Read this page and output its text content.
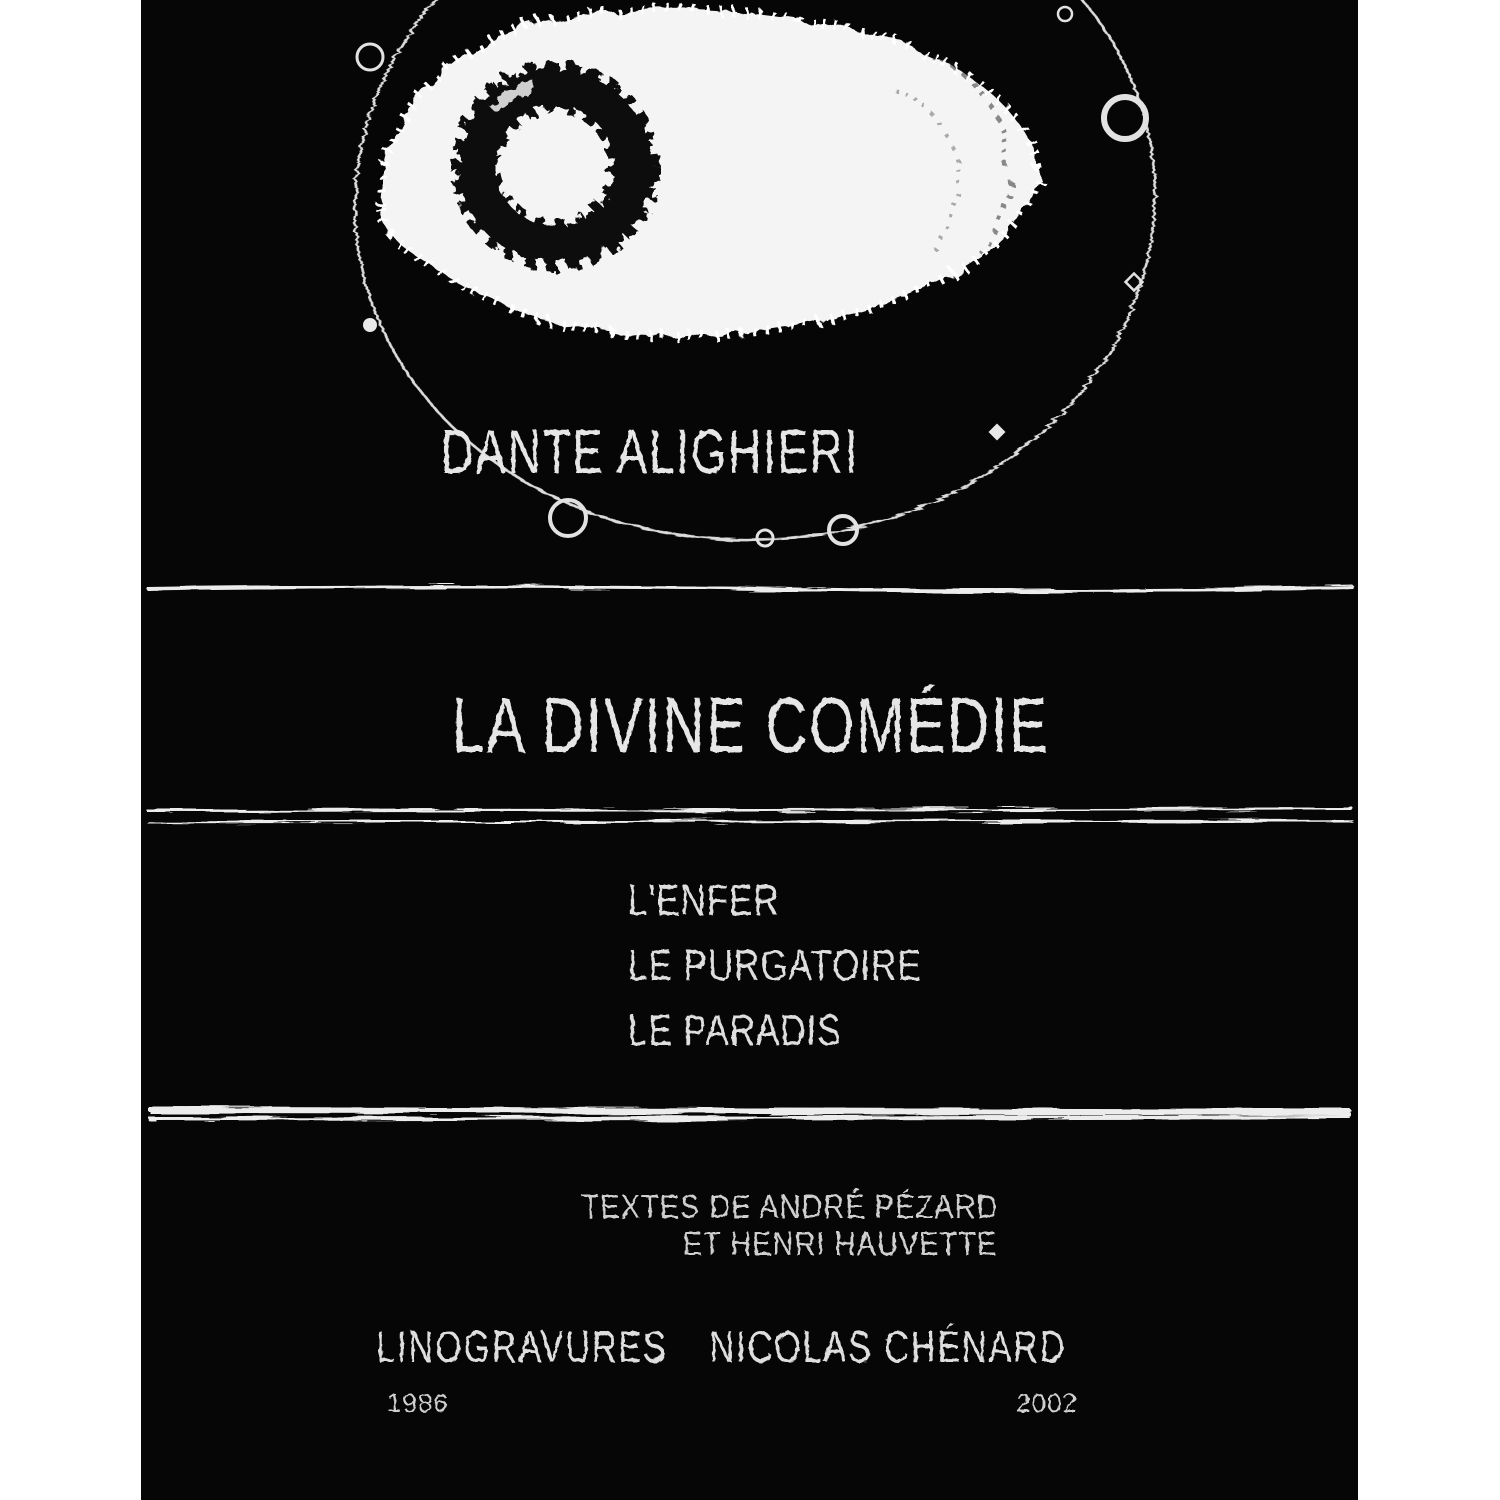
DANTE ALIGHIERI
LA DIVINE COMÉDIE
L'ENFER
LE PURGATOIRE
LE PARADIS
TEXTES DE ANDRÉ PÉZARD
ET HENRI HAUVETTE
LINOGRAVURES NICOLAS CHÉNARD
1986	2002
